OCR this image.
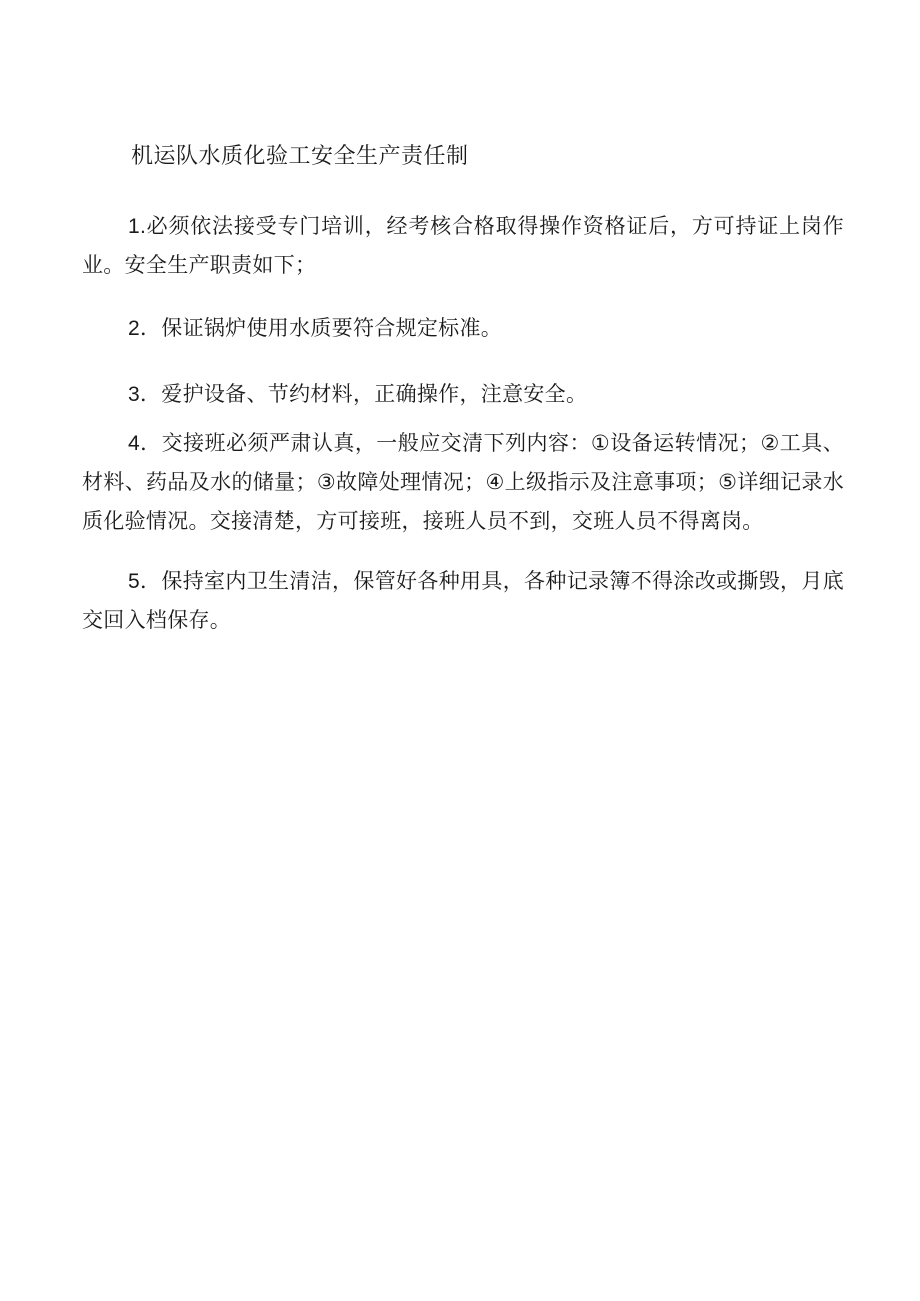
机运队水质化验工安全生产责任制

1.必须依法接受专门培训，经考核合格取得操作资格证后，方可持证上岗作业。安全生产职责如下；

2．保证锅炉使用水质要符合规定标准。

3．爱护设备、节约材料，正确操作，注意安全。

4．交接班必须严肃认真，一般应交清下列内容：①设备运转情况；②工具、材料、药品及水的储量；③故障处理情况；④上级指示及注意事项；⑤详细记录水质化验情况。交接清楚，方可接班，接班人员不到，交班人员不得离岗。

5．保持室内卫生清洁，保管好各种用具，各种记录簿不得涂改或撕毁，月底交回入档保存。
